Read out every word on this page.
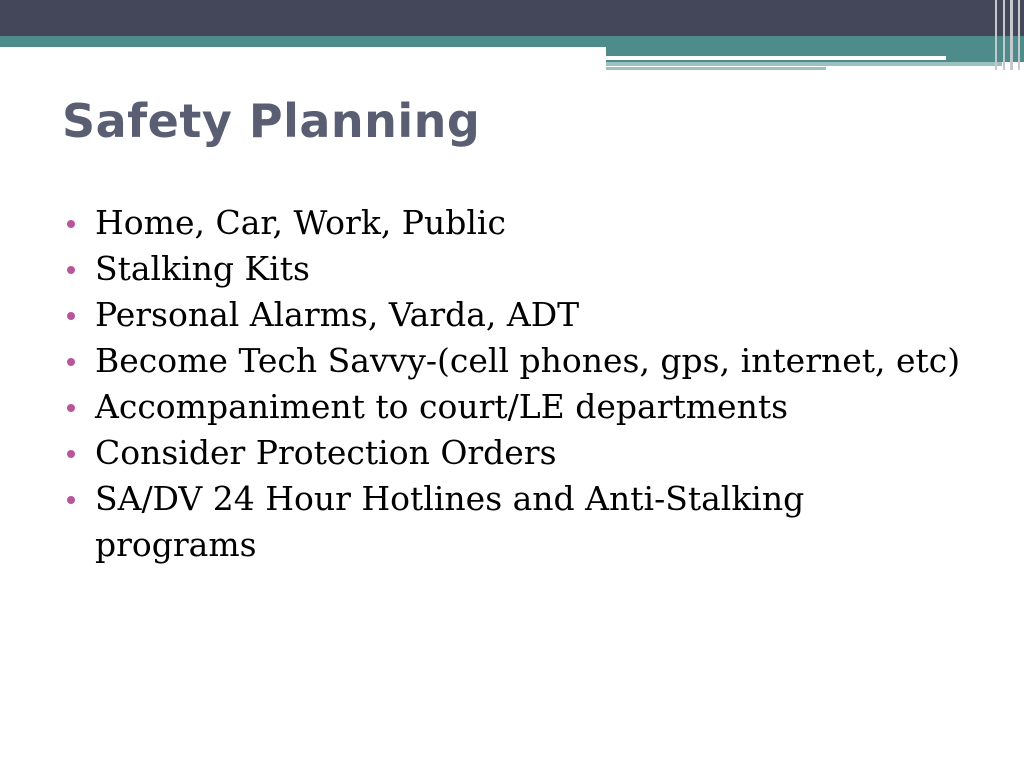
Safety Planning
Home, Car, Work, Public
Stalking Kits
Personal Alarms, Varda, ADT
Become Tech Savvy-(cell phones, gps, internet, etc)
Accompaniment to court/LE departments
Consider Protection Orders
SA/DV 24 Hour Hotlines and Anti-Stalking programs
